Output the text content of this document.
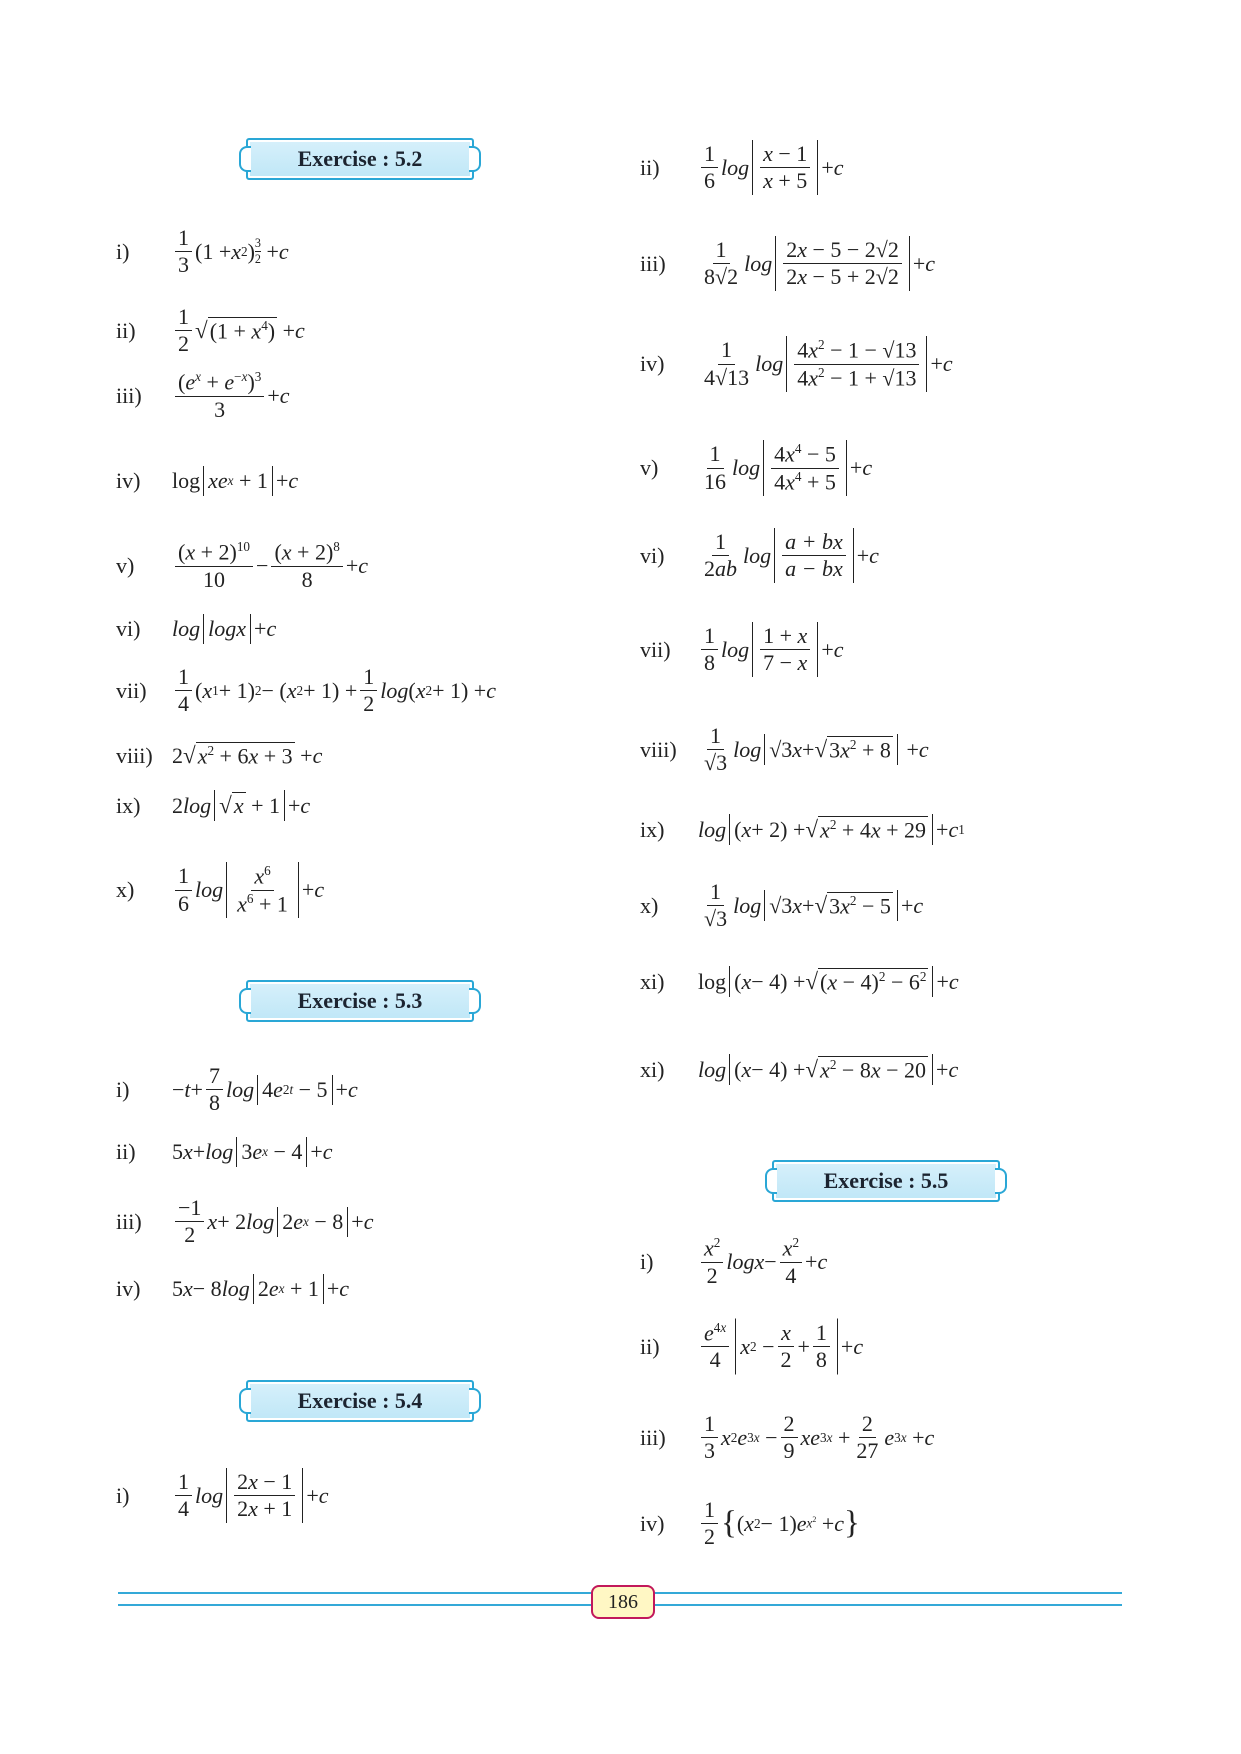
Exercise : 5.2
i)	$\frac{1}{3} (1 + x$ 2 ) 3
2 + c
ii)	$\frac{1}{2}$ √ $(1 + x^4) + c$
iii)	$\frac{(e^x + e^{-x})^3}{3} + c$
iv)	log xe x + 1 + c
v)	$\frac{(x + 2)^{10}}{10} - \frac{(x + 2)^8}{8} + c$
vi)	log logx + c
vii)	$\frac{1}{4}$ ( x 1 + 1) 2 − ( x $2 + 1) + \frac{1}{2}$ log ( x 2 + 1) + c
viii) 2 √ $x^2 + 6x + 3 + c$
ix)	2 log √ x + 1 + c
x)	$\frac{1}{6}$ $\log \frac{x^6}{x^6 + 1} + c$
Exercise : 5.3
i)	− $t + \frac{7}{8}$ log 4 e 2t − 5 + c
ii)	5 x + log 3 e x − 4 + c
iii)	$\frac{-1}{2}$ x + 2 log 2 e x − 8 + c
iv)	5 x − 8 log 2 e x + 1 + c
Exercise : 5.4
i)	$\frac{1}{4}$ $\log \frac{2x - 1}{2x + 1} + c$
ii)	$\frac{1}{6}$ $\log \frac{x - 1}{x + 5} + c$
iii)	$\frac{1}{8√2}$ $\log \frac{2x - 5 - 2√2}{2x - 5 + 2√2} + c$
iv)	$\frac{1}{4√13}$ $\log \frac{4x^2 - 1 - √13}{4x^2 - 1 + √13} + c$
v)	$\frac{1}{16}$ $\log \frac{4x^4 - 5}{4x^4 + 5} + c$
vi)	$\frac{1}{2ab}$ $\log \frac{a + bx}{a - bx} + c$
vii)	$\frac{1}{8}$ $\log \frac{1 + x}{7 - x} + c$
viii)	$\frac{1}{√3}$ log √3 x + √ $3x^2 + 8 + c$
ix)	log ( x + 2) + √ $x^2 + 4x + 29 + c$ 1
x)	$\frac{1}{√3}$ log √3 x + √ $3x^2 - 5 + c$
xi)	log ( x − 4) + √ $(x - 4)^2 - 6^2 + c$
xi)	log ( x − 4) + √ $x^2 - 8x - 20 + c$
Exercise : 5.5
i)	$\frac{x^2}{2}$ $\log x - \frac{x^2}{4} + c$
ii)	$\frac{e^{4x}}{4}$ x $2 - \frac{x}{2} + \frac{1}{8} + c$
iii)	$\frac{1}{3}$ x 2 e $3x - \frac{2}{9}$ xe $3x + \frac{2}{27}$ e 3x + c
iv)	$\frac{1}{2}$ { ( x 2 − 1) e $x^2 + c$ }
186
